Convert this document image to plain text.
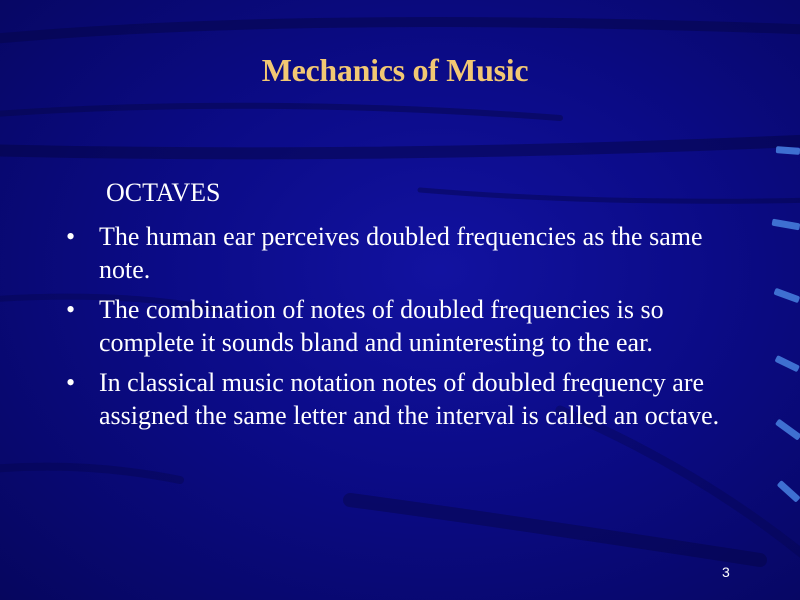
Mechanics of Music
OCTAVES
• The human ear perceives doubled frequencies as the same note.
• The combination of notes of doubled frequencies is so complete it sounds bland and uninteresting to the ear.
• In classical music notation notes of doubled frequency are assigned the same letter and the interval is called an octave.
3
